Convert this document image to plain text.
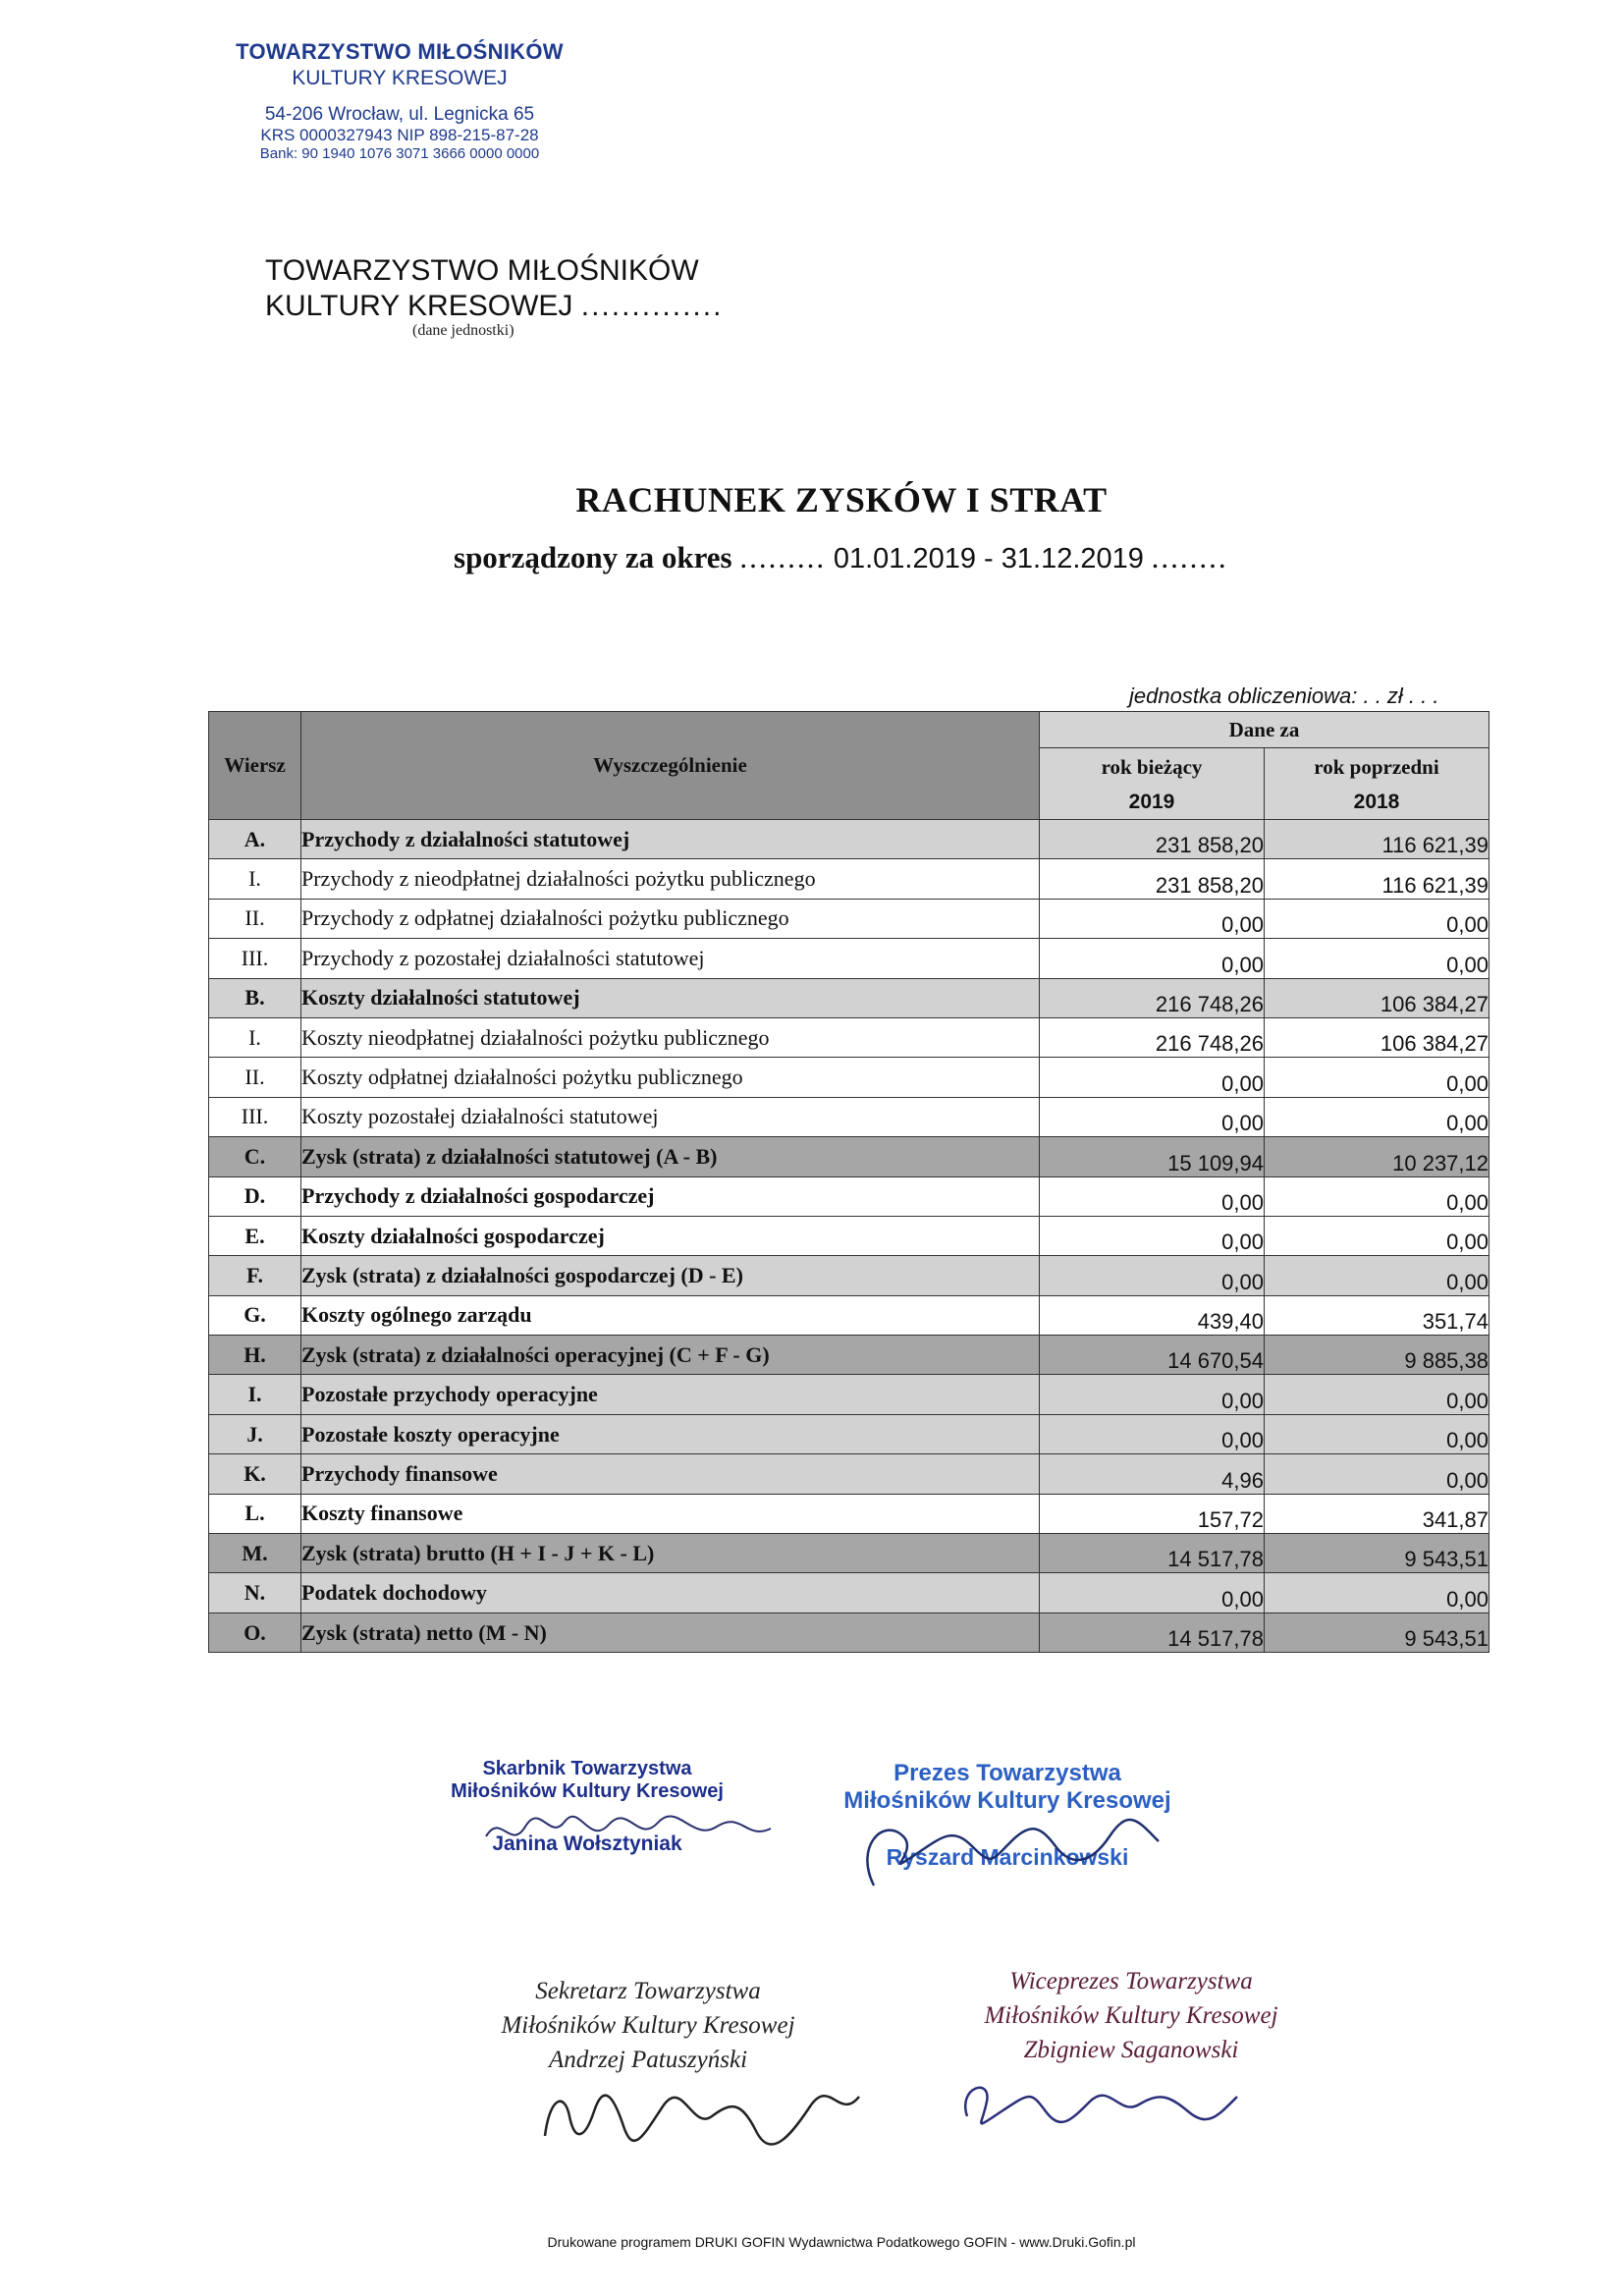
TOWARZYSTWO MIŁOŚNIKÓW
KULTURY KRESOWEJ
54-206 Wrocław, ul. Legnicka 65
KRS 0000327943 NIP 898-215-87-28
Bank: 90 1940 1076 3071 3666 0000 0000
TOWARZYSTWO MIŁOŚNIKÓW
KULTURY KRESOWEJ ..............
(dane jednostki)
RACHUNEK ZYSKÓW I STRAT
sporządzony za okres ......... 01.01.2019 - 31.12.2019 ........
jednostka obliczeniowa: . . zł . . .
Wiersz	Wyszczególnienie	Dane za	
		rok bieżący	rok poprzedni
		2019	2018
A.	Przychody z działalności statutowej	231 858,20	116 621,39
I.	Przychody z nieodpłatnej działalności pożytku publicznego	231 858,20	116 621,39
II.	Przychody z odpłatnej działalności pożytku publicznego	0,00	0,00
III.	Przychody z pozostałej działalności statutowej	0,00	0,00
B.	Koszty działalności statutowej	216 748,26	106 384,27
I.	Koszty nieodpłatnej działalności pożytku publicznego	216 748,26	106 384,27
II.	Koszty odpłatnej działalności pożytku publicznego	0,00	0,00
III.	Koszty pozostałej działalności statutowej	0,00	0,00
C.	Zysk (strata) z działalności statutowej (A - B)	15 109,94	10 237,12
D.	Przychody z działalności gospodarczej	0,00	0,00
E.	Koszty działalności gospodarczej	0,00	0,00
F.	Zysk (strata) z działalności gospodarczej (D - E)	0,00	0,00
G.	Koszty ogólnego zarządu	439,40	351,74
H.	Zysk (strata) z działalności operacyjnej (C + F - G)	14 670,54	9 885,38
I.	Pozostałe przychody operacyjne	0,00	0,00
J.	Pozostałe koszty operacyjne	0,00	0,00
K.	Przychody finansowe	4,96	0,00
L.	Koszty finansowe	157,72	341,87
M.	Zysk (strata) brutto (H + I - J + K - L)	14 517,78	9 543,51
N.	Podatek dochodowy	0,00	0,00
O.	Zysk (strata) netto (M - N)	14 517,78	9 543,51
Skarbnik Towarzystwa
Miłośników Kultury Kresowej
Janina Wołsztyniak
Prezes Towarzystwa
Miłośników Kultury Kresowej
Ryszard Marcinkowski
Sekretarz Towarzystwa
Miłośników Kultury Kresowej
Andrzej Patuszyński
Wiceprezes Towarzystwa
Miłośników Kultury Kresowej
Zbigniew Saganowski
Drukowane programem DRUKI GOFIN Wydawnictwa Podatkowego GOFIN - www.Druki.Gofin.pl
